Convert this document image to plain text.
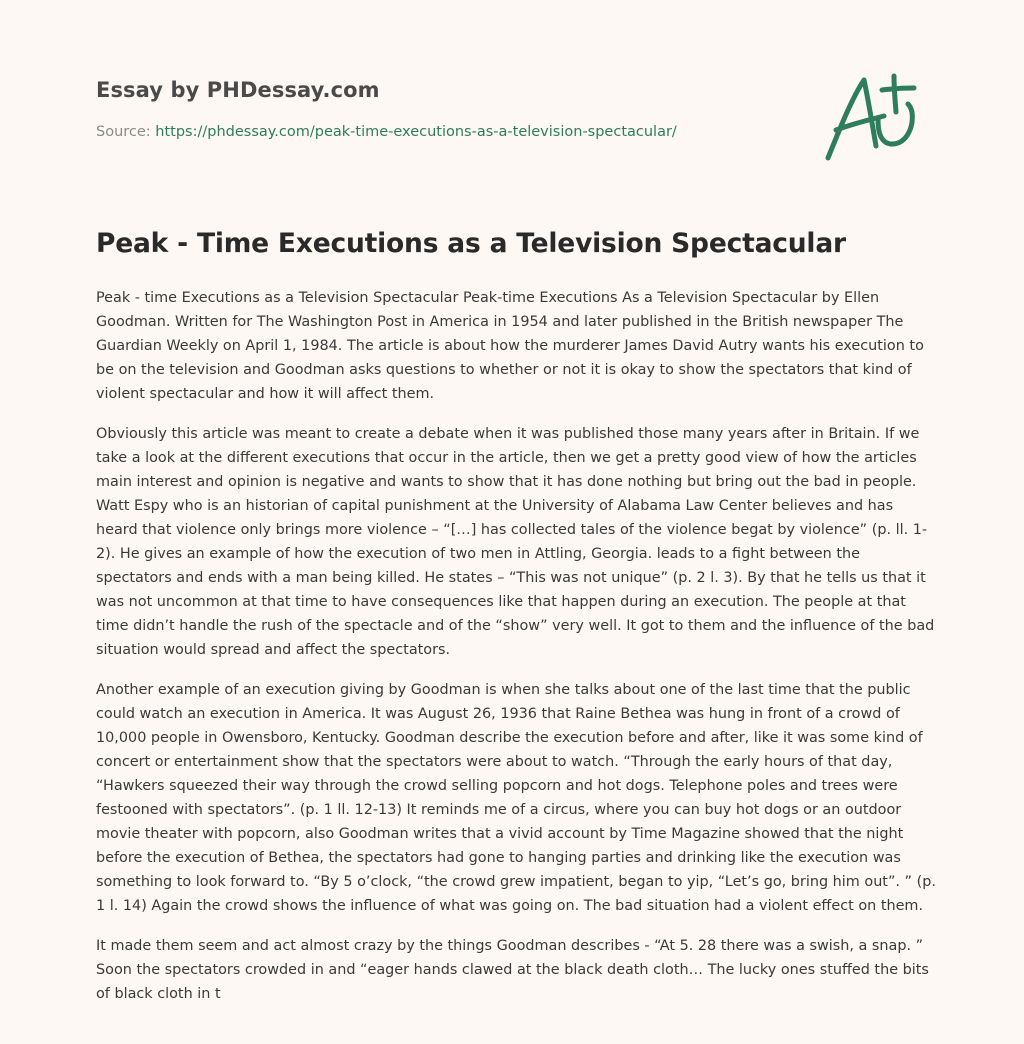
Essay by PHDessay.com
Source: https://phdessay.com/peak-time-executions-as-a-television-spectacular/
Peak - Time Executions as a Television Spectacular

Peak - time Executions as a Television Spectacular Peak-time Executions As a Television Spectacular by Ellen Goodman. Written for The Washington Post in America in 1954 and later published in the British newspaper The Guardian Weekly on April 1, 1984. The article is about how the murderer James David Autry wants his execution to be on the television and Goodman asks questions to whether or not it is okay to show the spectators that kind of violent spectacular and how it will affect them.

Obviously this article was meant to create a debate when it was published those many years after in Britain. If we take a look at the different executions that occur in the article, then we get a pretty good view of how the articles main interest and opinion is negative and wants to show that it has done nothing but bring out the bad in people. Watt Espy who is an historian of capital punishment at the University of Alabama Law Center believes and has heard that violence only brings more violence – “[…] has collected tales of the violence begat by violence” (p. ll. 1-2). He gives an example of how the execution of two men in Attling, Georgia. leads to a fight between the spectators and ends with a man being killed. He states – “This was not unique” (p. 2 l. 3). By that he tells us that it was not uncommon at that time to have consequences like that happen during an execution. The people at that time didn’t handle the rush of the spectacle and of the “show” very well. It got to them and the influence of the bad situation would spread and affect the spectators.

Another example of an execution giving by Goodman is when she talks about one of the last time that the public could watch an execution in America. It was August 26, 1936 that Raine Bethea was hung in front of a crowd of 10,000 people in Owensboro, Kentucky. Goodman describe the execution before and after, like it was some kind of concert or entertainment show that the spectators were about to watch. “Through the early hours of that day, “Hawkers squeezed their way through the crowd selling popcorn and hot dogs. Telephone poles and trees were festooned with spectators”. (p. 1 ll. 12-13) It reminds me of a circus, where you can buy hot dogs or an outdoor movie theater with popcorn, also Goodman writes that a vivid account by Time Magazine showed that the night before the execution of Bethea, the spectators had gone to hanging parties and drinking like the execution was something to look forward to. “By 5 o’clock, “the crowd grew impatient, began to yip, “Let’s go, bring him out”. ” (p. 1 l. 14) Again the crowd shows the influence of what was going on. The bad situation had a violent effect on them.

It made them seem and act almost crazy by the things Goodman describes - “At 5. 28 there was a swish, a snap. ” Soon the spectators crowded in and “eager hands clawed at the black death cloth… The lucky ones stuffed the bits of black cloth in t
